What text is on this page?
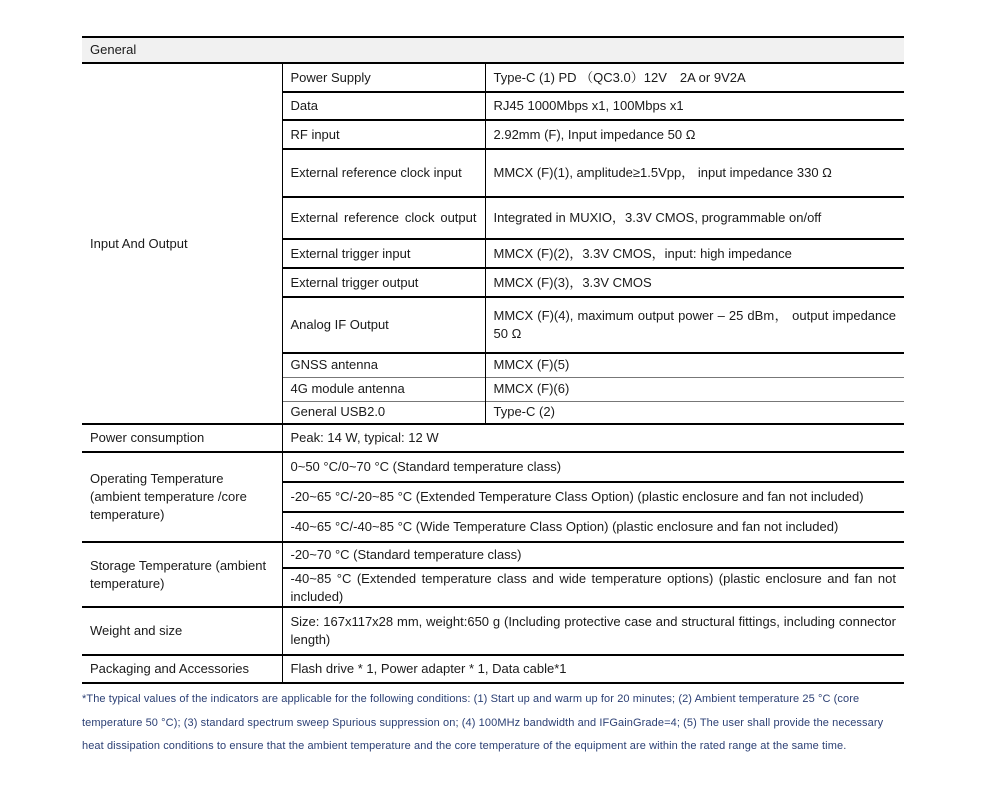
General		
Input And Output	Power Supply	Type-C (1) PD （QC3.0）12V　2A or 9V2A
	Data	RJ45 1000Mbps x1, 100Mbps x1
	RF input	2.92mm (F), Input impedance 50 Ω
	External reference clock input	MMCX (F)(1), amplitude≥1.5Vpp， input impedance 330 Ω
	External reference clock output	Integrated in MUXIO，3.3V CMOS, programmable on/off
	External trigger input	MMCX (F)(2)，3.3V CMOS，input: high impedance
	External trigger output	MMCX (F)(3)，3.3V CMOS
	Analog IF Output	MMCX (F)(4), maximum output power – 25 dBm， output impedance 50 Ω
	GNSS antenna	MMCX (F)(5)
	4G module antenna	MMCX (F)(6)
	General USB2.0	Type-C (2)
Power consumption	Peak: 14 W, typical: 12 W	
Operating Temperature (ambient temperature /core temperature)	0~50 °C/0~70 °C (Standard temperature class)	
	-20~65 °C/-20~85 °C (Extended Temperature Class Option) (plastic enclosure and fan not included)	
	-40~65 °C/-40~85 °C (Wide Temperature Class Option) (plastic enclosure and fan not included)	
Storage Temperature (ambient temperature)	-20~70 °C (Standard temperature class)	
	-40~85 °C (Extended temperature class and wide temperature options) (plastic enclosure and fan not included)	
Weight and size	Size: 167x117x28 mm, weight:650 g (Including protective case and structural fittings, including connector length)	
Packaging and Accessories	Flash drive * 1, Power adapter * 1, Data cable*1	
*The typical values of the indicators are applicable for the following conditions: (1) Start up and warm up for 20 minutes; (2) Ambient temperature 25 °C (core temperature 50 °C); (3) standard spectrum sweep Spurious suppression on; (4) 100MHz bandwidth and IFGainGrade=4; (5) The user shall provide the necessary heat dissipation conditions to ensure that the ambient temperature and the core temperature of the equipment are within the rated range at the same time.
